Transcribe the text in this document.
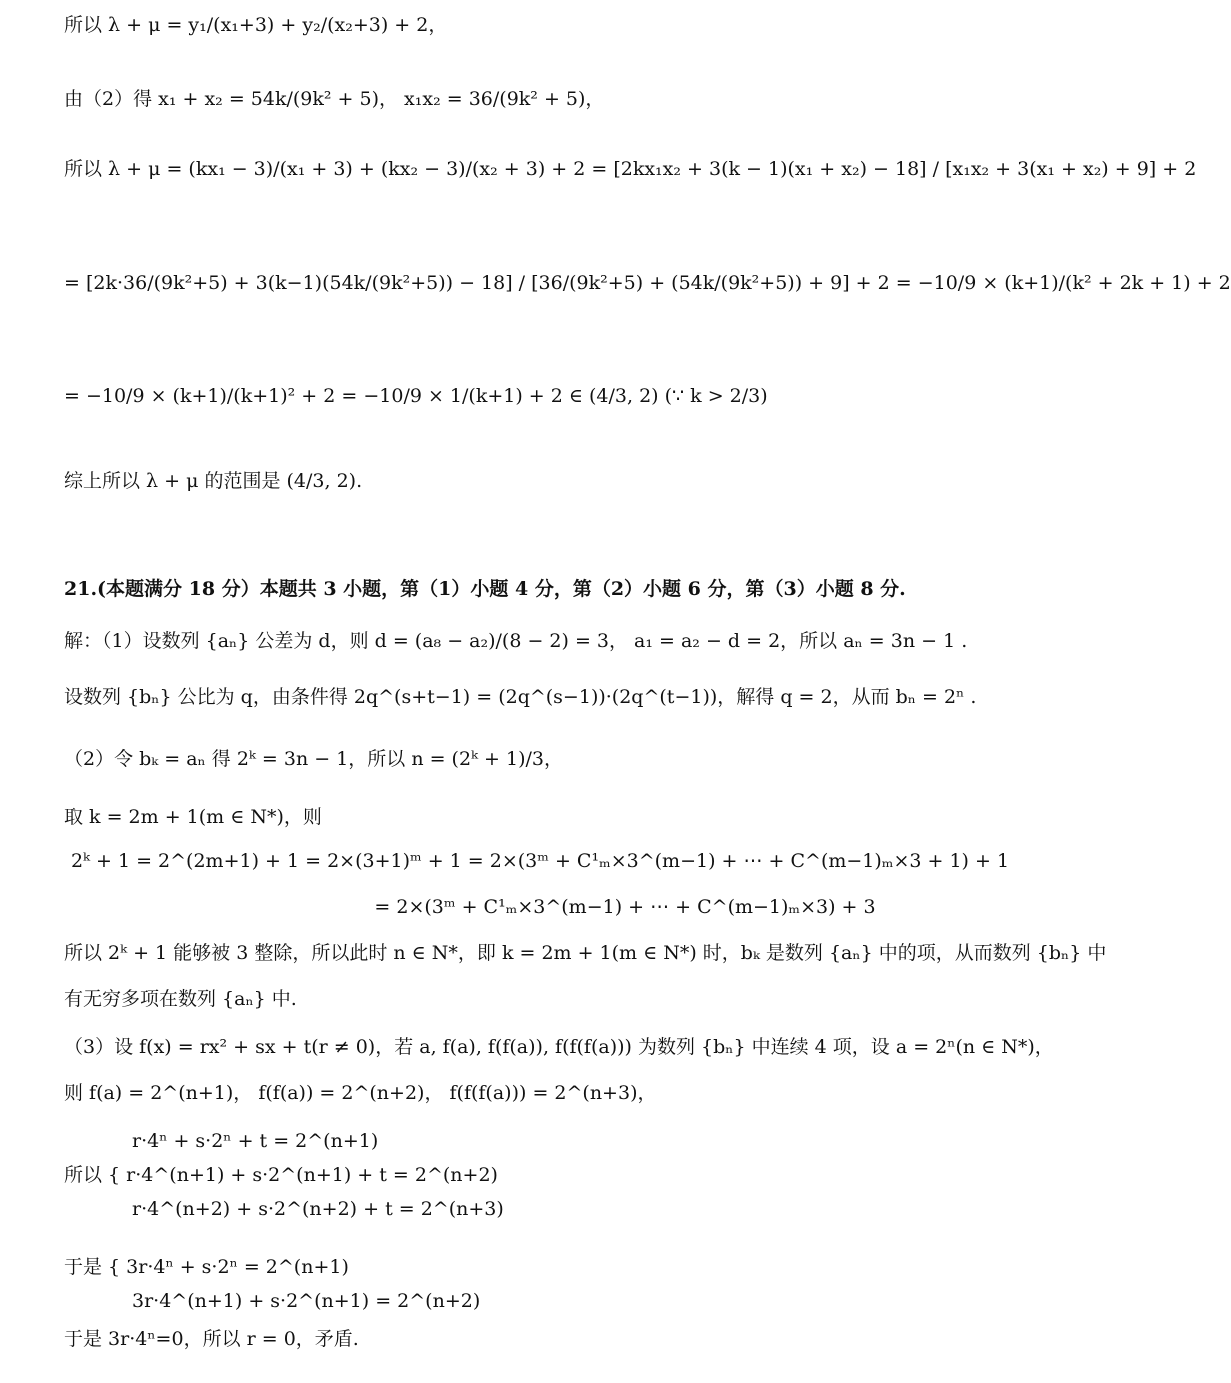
所以 λ + μ = y₁/(x₁+3) + y₂/(x₂+3) + 2，
由（2）得 x₁ + x₂ = 54k/(9k² + 5)， x₁x₂ = 36/(9k² + 5)，
所以 λ + μ = (kx₁ − 3)/(x₁ + 3) + (kx₂ − 3)/(x₂ + 3) + 2 = [2kx₁x₂ + 3(k − 1)(x₁ + x₂) − 18] / [x₁x₂ + 3(x₁ + x₂) + 9] + 2
= [2k·36/(9k²+5) + 3(k−1)(54k/(9k²+5)) − 18] / [36/(9k²+5) + (54k/(9k²+5)) + 9] + 2 = −10/9 × (k+1)/(k² + 2k + 1) + 2
= −10/9 × (k+1)/(k+1)² + 2 = −10/9 × 1/(k+1) + 2 ∈ (4/3, 2) (∵ k > 2/3)
综上所以 λ + μ 的范围是 (4/3, 2).
21.(本题满分 18 分）本题共 3 小题，第（1）小题 4 分，第（2）小题 6 分，第（3）小题 8 分.
解：（1）设数列 {aₙ} 公差为 d，则 d = (a₈ − a₂)/(8 − 2) = 3， a₁ = a₂ − d = 2，所以 aₙ = 3n − 1 .
设数列 {bₙ} 公比为 q，由条件得 2q^(s+t−1) = (2q^(s−1))·(2q^(t−1))，解得 q = 2，从而 bₙ = 2ⁿ .
（2）令 bₖ = aₙ 得 2ᵏ = 3n − 1，所以 n = (2ᵏ + 1)/3，
取 k = 2m + 1(m ∈ N*)，则
2ᵏ + 1 = 2^(2m+1) + 1 = 2×(3+1)ᵐ + 1 = 2×(3ᵐ + C¹ₘ×3^(m−1) + ⋯ + C^(m−1)ₘ×3 + 1) + 1
= 2×(3ᵐ + C¹ₘ×3^(m−1) + ⋯ + C^(m−1)ₘ×3) + 3
所以 2ᵏ + 1 能够被 3 整除，所以此时 n ∈ N*，即 k = 2m + 1(m ∈ N*) 时，bₖ 是数列 {aₙ} 中的项，从而数列 {bₙ} 中
有无穷多项在数列 {aₙ} 中.
（3）设 f(x) = rx² + sx + t(r ≠ 0)，若 a, f(a), f(f(a)), f(f(f(a))) 为数列 {bₙ} 中连续 4 项，设 a = 2ⁿ(n ∈ N*)，
则 f(a) = 2^(n+1)， f(f(a)) = 2^(n+2)， f(f(f(a))) = 2^(n+3)，
r·4ⁿ + s·2ⁿ + t = 2^(n+1)
所以 { r·4^(n+1) + s·2^(n+1) + t = 2^(n+2)
r·4^(n+2) + s·2^(n+2) + t = 2^(n+3)
于是 { 3r·4ⁿ + s·2ⁿ = 2^(n+1)
3r·4^(n+1) + s·2^(n+1) = 2^(n+2)
于是 3r·4ⁿ=0，所以 r = 0，矛盾.
